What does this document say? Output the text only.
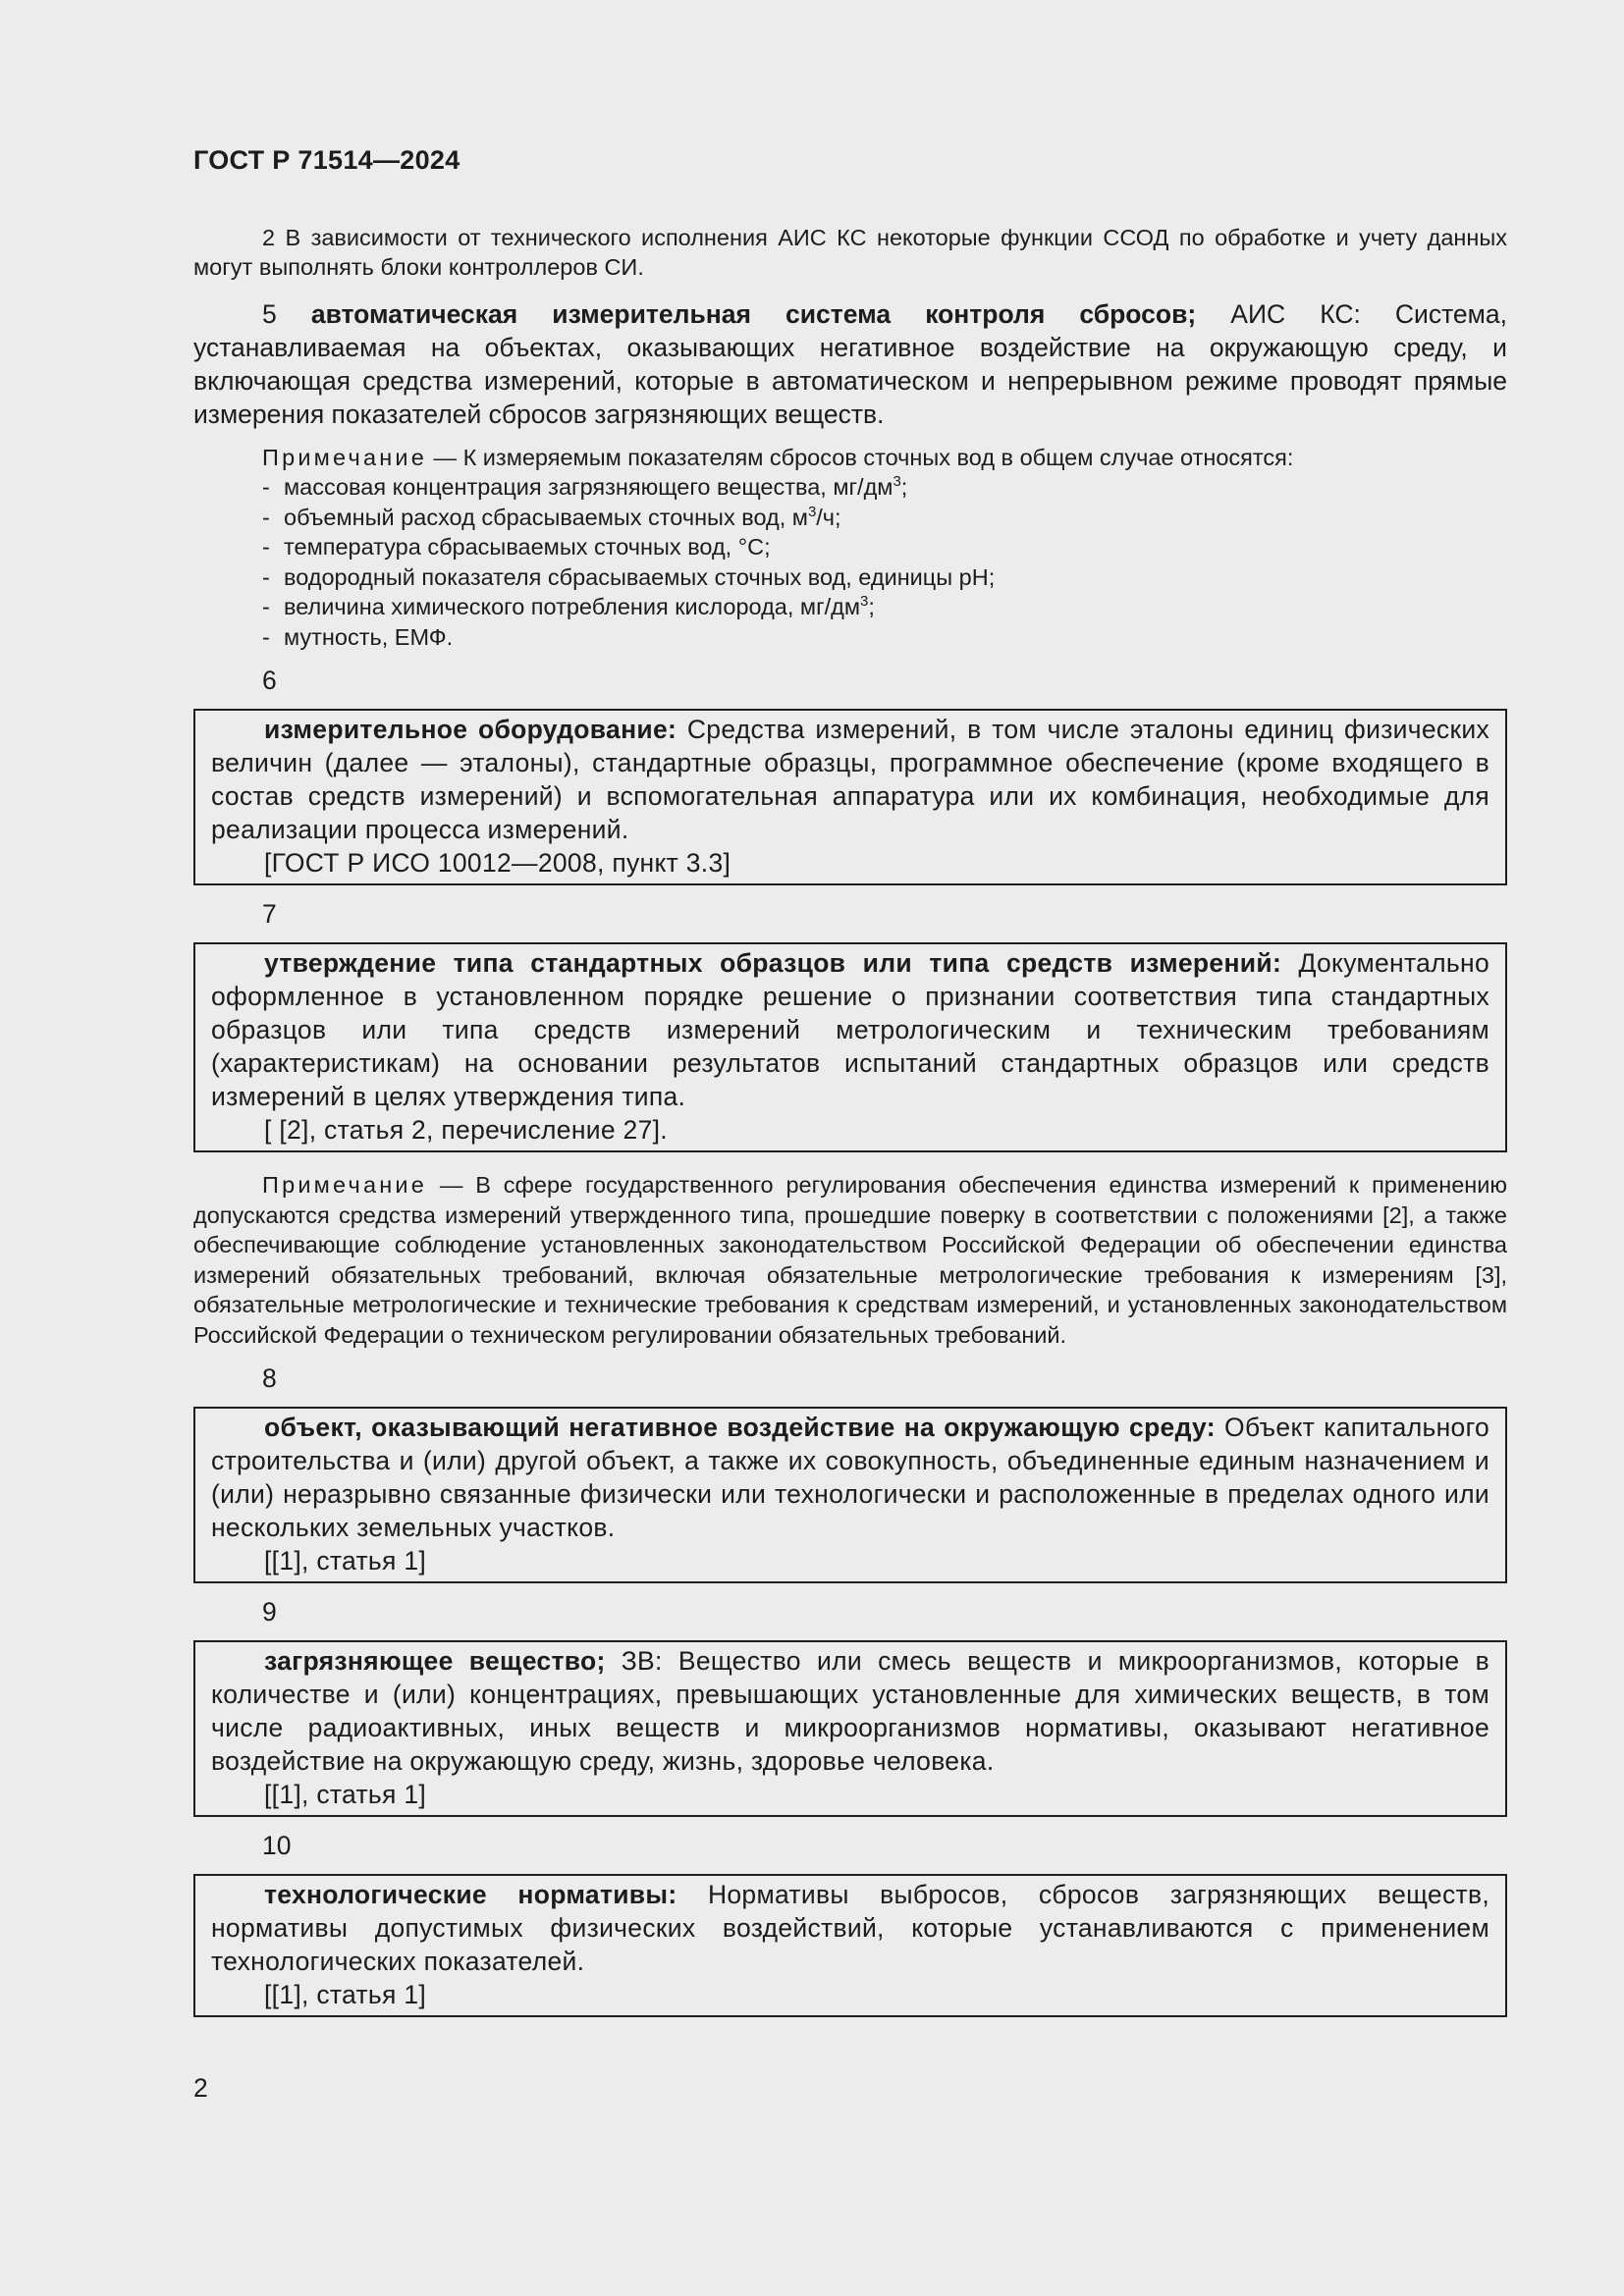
ГОСТ Р 71514—2024

2 В зависимости от технического исполнения АИС КС некоторые функции ССОД по обработке и учету данных могут выполнять блоки контроллеров СИ.

5 автоматическая измерительная система контроля сбросов; АИС КС: Система, устанавливаемая на объектах, оказывающих негативное воздействие на окружающую среду, и включающая средства измерений, которые в автоматическом и непрерывном режиме проводят прямые измерения показателей сбросов загрязняющих веществ.

Примечание — К измеряемым показателям сбросов сточных вод в общем случае относятся:
- массовая концентрация загрязняющего вещества, $мг/дм^3$;
- объемный расход сбрасываемых сточных вод, $м^3/ч$;
- температура сбрасываемых сточных вод, °С;
- водородный показателя сбрасываемых сточных вод, единицы рН;
- величина химического потребления кислорода, $мг/дм^3$;
- мутность, ЕМФ.
6

измерительное оборудование: Средства измерений, в том числе эталоны единиц физических величин (далее — эталоны), стандартные образцы, программное обеспечение (кроме входящего в состав средств измерений) и вспомогательная аппаратура или их комбинация, необходимые для реализации процесса измерений.

[ГОСТ Р ИСО 10012—2008, пункт 3.3]
7

утверждение типа стандартных образцов или типа средств измерений: Документально оформленное в установленном порядке решение о признании соответствия типа стандартных образцов или типа средств измерений метрологическим и техническим требованиям (характеристикам) на основании результатов испытаний стандартных образцов или средств измерений в целях утверждения типа.

[ [2], статья 2, перечисление 27].

Примечание — В сфере государственного регулирования обеспечения единства измерений к применению допускаются средства измерений утвержденного типа, прошедшие поверку в соответствии с положениями [2], а также обеспечивающие соблюдение установленных законодательством Российской Федерации об обеспечении единства измерений обязательных требований, включая обязательные метрологические требования к измерениям [3], обязательные метрологические и технические требования к средствам измерений, и установленных законодательством Российской Федерации о техническом регулировании обязательных требований.

8

объект, оказывающий негативное воздействие на окружающую среду: Объект капитального строительства и (или) другой объект, а также их совокупность, объединенные единым назначением и (или) неразрывно связанные физически или технологически и расположенные в пределах одного или нескольких земельных участков.

[[1], статья 1]
9

загрязняющее вещество; ЗВ: Вещество или смесь веществ и микроорганизмов, которые в количестве и (или) концентрациях, превышающих установленные для химических веществ, в том числе радиоактивных, иных веществ и микроорганизмов нормативы, оказывают негативное воздействие на окружающую среду, жизнь, здоровье человека.

[[1], статья 1]
10

технологические нормативы: Нормативы выбросов, сбросов загрязняющих веществ, нормативы допустимых физических воздействий, которые устанавливаются с применением технологических показателей.

[[1], статья 1]
2
